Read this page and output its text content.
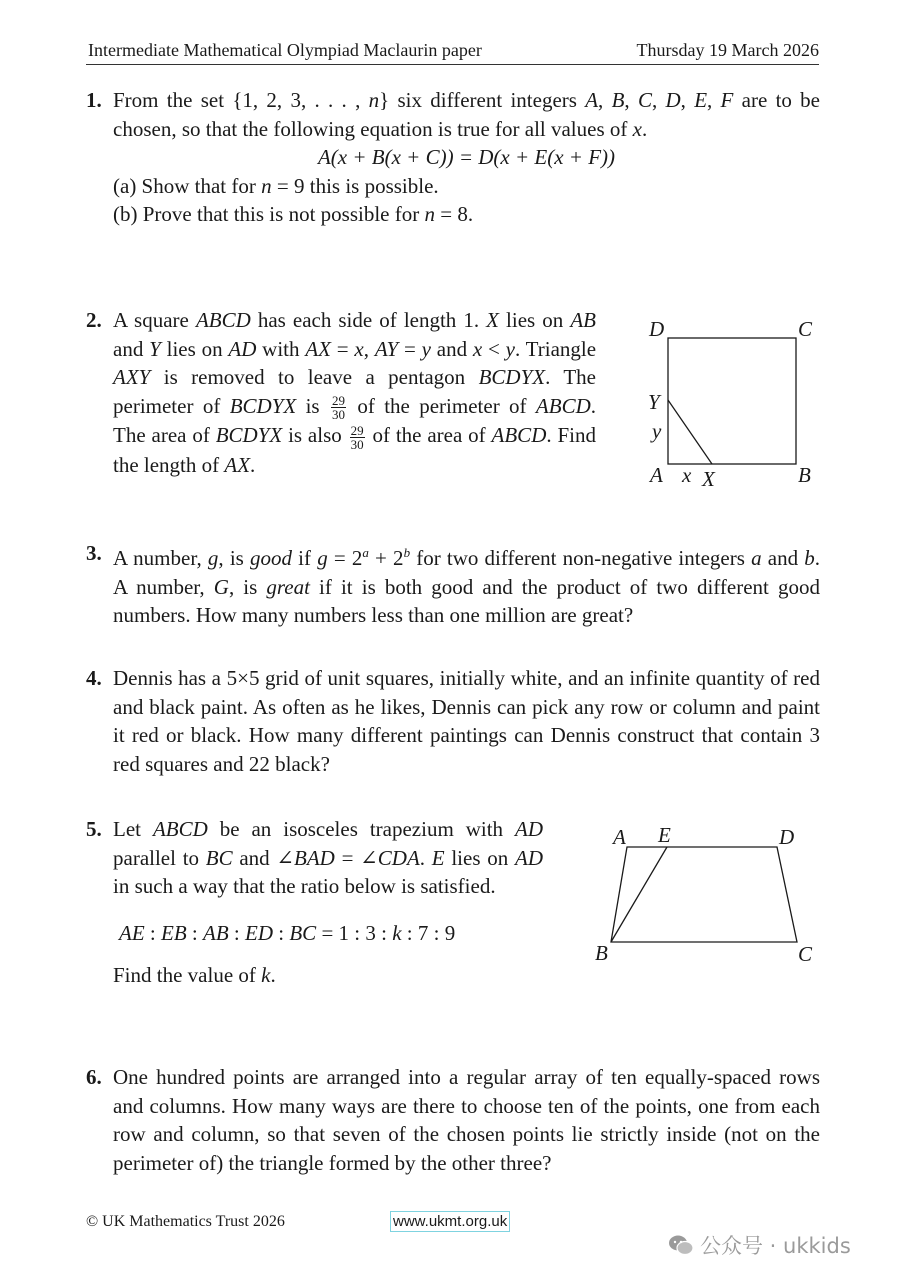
Intermediate Mathematical Olympiad Maclaurin paper	Thursday 19 March 2026
1. From the set {1, 2, 3, . . . , n} six different integers A, B, C, D, E, F are to be chosen, so that the following equation is true for all values of x.

A(x + B(x + C)) = D(x + E(x + F))

(a) Show that for n = 9 this is possible.

(b) Prove that this is not possible for n = 8.

2. A square ABCD has each side of length 1. X lies on AB and Y lies on AD with AX = x, AY = y and x < y. Triangle AXY is removed to leave a pentagon BCDYX. The perimeter of BCDYX is $\frac{29}{30}$ of the perimeter of ABCD. The area of BCDYX is also $\frac{29}{30}$ of the area of ABCD. Find the length of AX.

D	C
Y
y
A x X	B
3. A number, g, is good if $g = 2^a + 2^b$ for two different non-negative integers a and b. A number, G, is great if it is both good and the product of two different good numbers. How many numbers less than one million are great?

4. Dennis has a 5×5 grid of unit squares, initially white, and an infinite quantity of red and black paint. As often as he likes, Dennis can pick any row or column and paint it red or black. How many different paintings can Dennis construct that contain 3 red squares and 22 black?

5. Let ABCD be an isosceles trapezium with AD parallel to BC and ∠BAD = ∠CDA. E lies on AD in such a way that the ratio below is satisfied.

AE : EB : AB : ED : BC = 1 : 3 : k : 7 : 9

Find the value of k.

A E	D
B	C
6. One hundred points are arranged into a regular array of ten equally-spaced rows and columns. How many ways are there to choose ten of the points, one from each row and column, so that seven of the chosen points lie strictly inside (not on the perimeter of) the triangle formed by the other three?

© UK Mathematics Trust 2026	www.ukmt.org.uk
公众号 · ukkids
